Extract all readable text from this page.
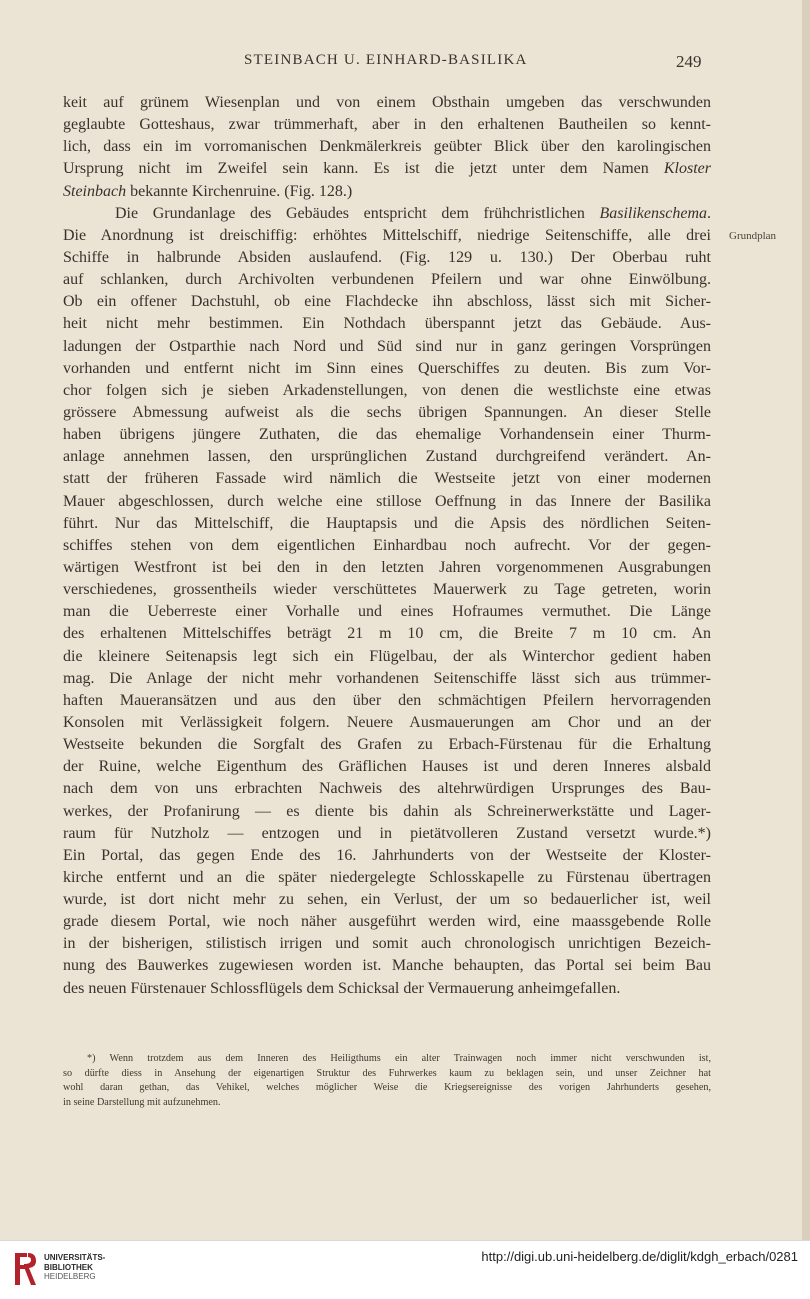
STEINBACH U. EINHARD-BASILIKA	249
Grundplan
keit auf grünem Wiesenplan und von einem Obsthain umgeben das verschwunden
geglaubte Gotteshaus, zwar trümmerhaft, aber in den erhaltenen Bautheilen so kennt-
lich, dass ein im vorromanischen Denkmälerkreis geübter Blick über den karolingischen
Ursprung nicht im Zweifel sein kann. Es ist die jetzt unter dem Namen Kloster
Steinbach bekannte Kirchenruine. (Fig. 128.)
Die Grundanlage des Gebäudes entspricht dem frühchristlichen Basilikenschema.
Die Anordnung ist dreischiffig: erhöhtes Mittelschiff, niedrige Seitenschiffe, alle drei
Schiffe in halbrunde Absiden auslaufend. (Fig. 129 u. 130.) Der Oberbau ruht
auf schlanken, durch Archivolten verbundenen Pfeilern und war ohne Einwölbung.
Ob ein offener Dachstuhl, ob eine Flachdecke ihn abschloss, lässt sich mit Sicher-
heit nicht mehr bestimmen. Ein Nothdach überspannt jetzt das Gebäude. Aus-
ladungen der Ostparthie nach Nord und Süd sind nur in ganz geringen Vorsprüngen
vorhanden und entfernt nicht im Sinn eines Querschiffes zu deuten. Bis zum Vor-
chor folgen sich je sieben Arkadenstellungen, von denen die westlichste eine etwas
grössere Abmessung aufweist als die sechs übrigen Spannungen. An dieser Stelle
haben übrigens jüngere Zuthaten, die das ehemalige Vorhandensein einer Thurm-
anlage annehmen lassen, den ursprünglichen Zustand durchgreifend verändert. An-
statt der früheren Fassade wird nämlich die Westseite jetzt von einer modernen
Mauer abgeschlossen, durch welche eine stillose Oeffnung in das Innere der Basilika
führt. Nur das Mittelschiff, die Hauptapsis und die Apsis des nördlichen Seiten-
schiffes stehen von dem eigentlichen Einhardbau noch aufrecht. Vor der gegen-
wärtigen Westfront ist bei den in den letzten Jahren vorgenommenen Ausgrabungen
verschiedenes, grossentheils wieder verschüttetes Mauerwerk zu Tage getreten, worin
man die Ueberreste einer Vorhalle und eines Hofraumes vermuthet. Die Länge
des erhaltenen Mittelschiffes beträgt 21 m 10 cm, die Breite 7 m 10 cm. An
die kleinere Seitenapsis legt sich ein Flügelbau, der als Winterchor gedient haben
mag. Die Anlage der nicht mehr vorhandenen Seitenschiffe lässt sich aus trümmer-
haften Maueransätzen und aus den über den schmächtigen Pfeilern hervorragenden
Konsolen mit Verlässigkeit folgern. Neuere Ausmauerungen am Chor und an der
Westseite bekunden die Sorgfalt des Grafen zu Erbach-Fürstenau für die Erhaltung
der Ruine, welche Eigenthum des Gräflichen Hauses ist und deren Inneres alsbald
nach dem von uns erbrachten Nachweis des altehrwürdigen Ursprunges des Bau-
werkes, der Profanirung — es diente bis dahin als Schreinerwerkstätte und Lager-
raum für Nutzholz — entzogen und in pietätvolleren Zustand versetzt wurde.*)
Ein Portal, das gegen Ende des 16. Jahrhunderts von der Westseite der Kloster-
kirche entfernt und an die später niedergelegte Schlosskapelle zu Fürstenau übertragen
wurde, ist dort nicht mehr zu sehen, ein Verlust, der um so bedauerlicher ist, weil
grade diesem Portal, wie noch näher ausgeführt werden wird, eine maassgebende Rolle
in der bisherigen, stilistisch irrigen und somit auch chronologisch unrichtigen Bezeich-
nung des Bauwerkes zugewiesen worden ist. Manche behaupten, das Portal sei beim Bau
des neuen Fürstenauer Schlossflügels dem Schicksal der Vermauerung anheimgefallen.
*) Wenn trotzdem aus dem Inneren des Heiligthums ein alter Trainwagen noch immer nicht verschwunden ist,
so dürfte diess in Ansehung der eigenartigen Struktur des Fuhrwerkes kaum zu beklagen sein, und unser Zeichner hat
wohl daran gethan, das Vehikel, welches möglicher Weise die Kriegsereignisse des vorigen Jahrhunderts gesehen,
in seine Darstellung mit aufzunehmen.
UNIVERSITÄTS-
BIBLIOTHEK
HEIDELBERG
http://digi.ub.uni-heidelberg.de/diglit/kdgh_erbach/0281
